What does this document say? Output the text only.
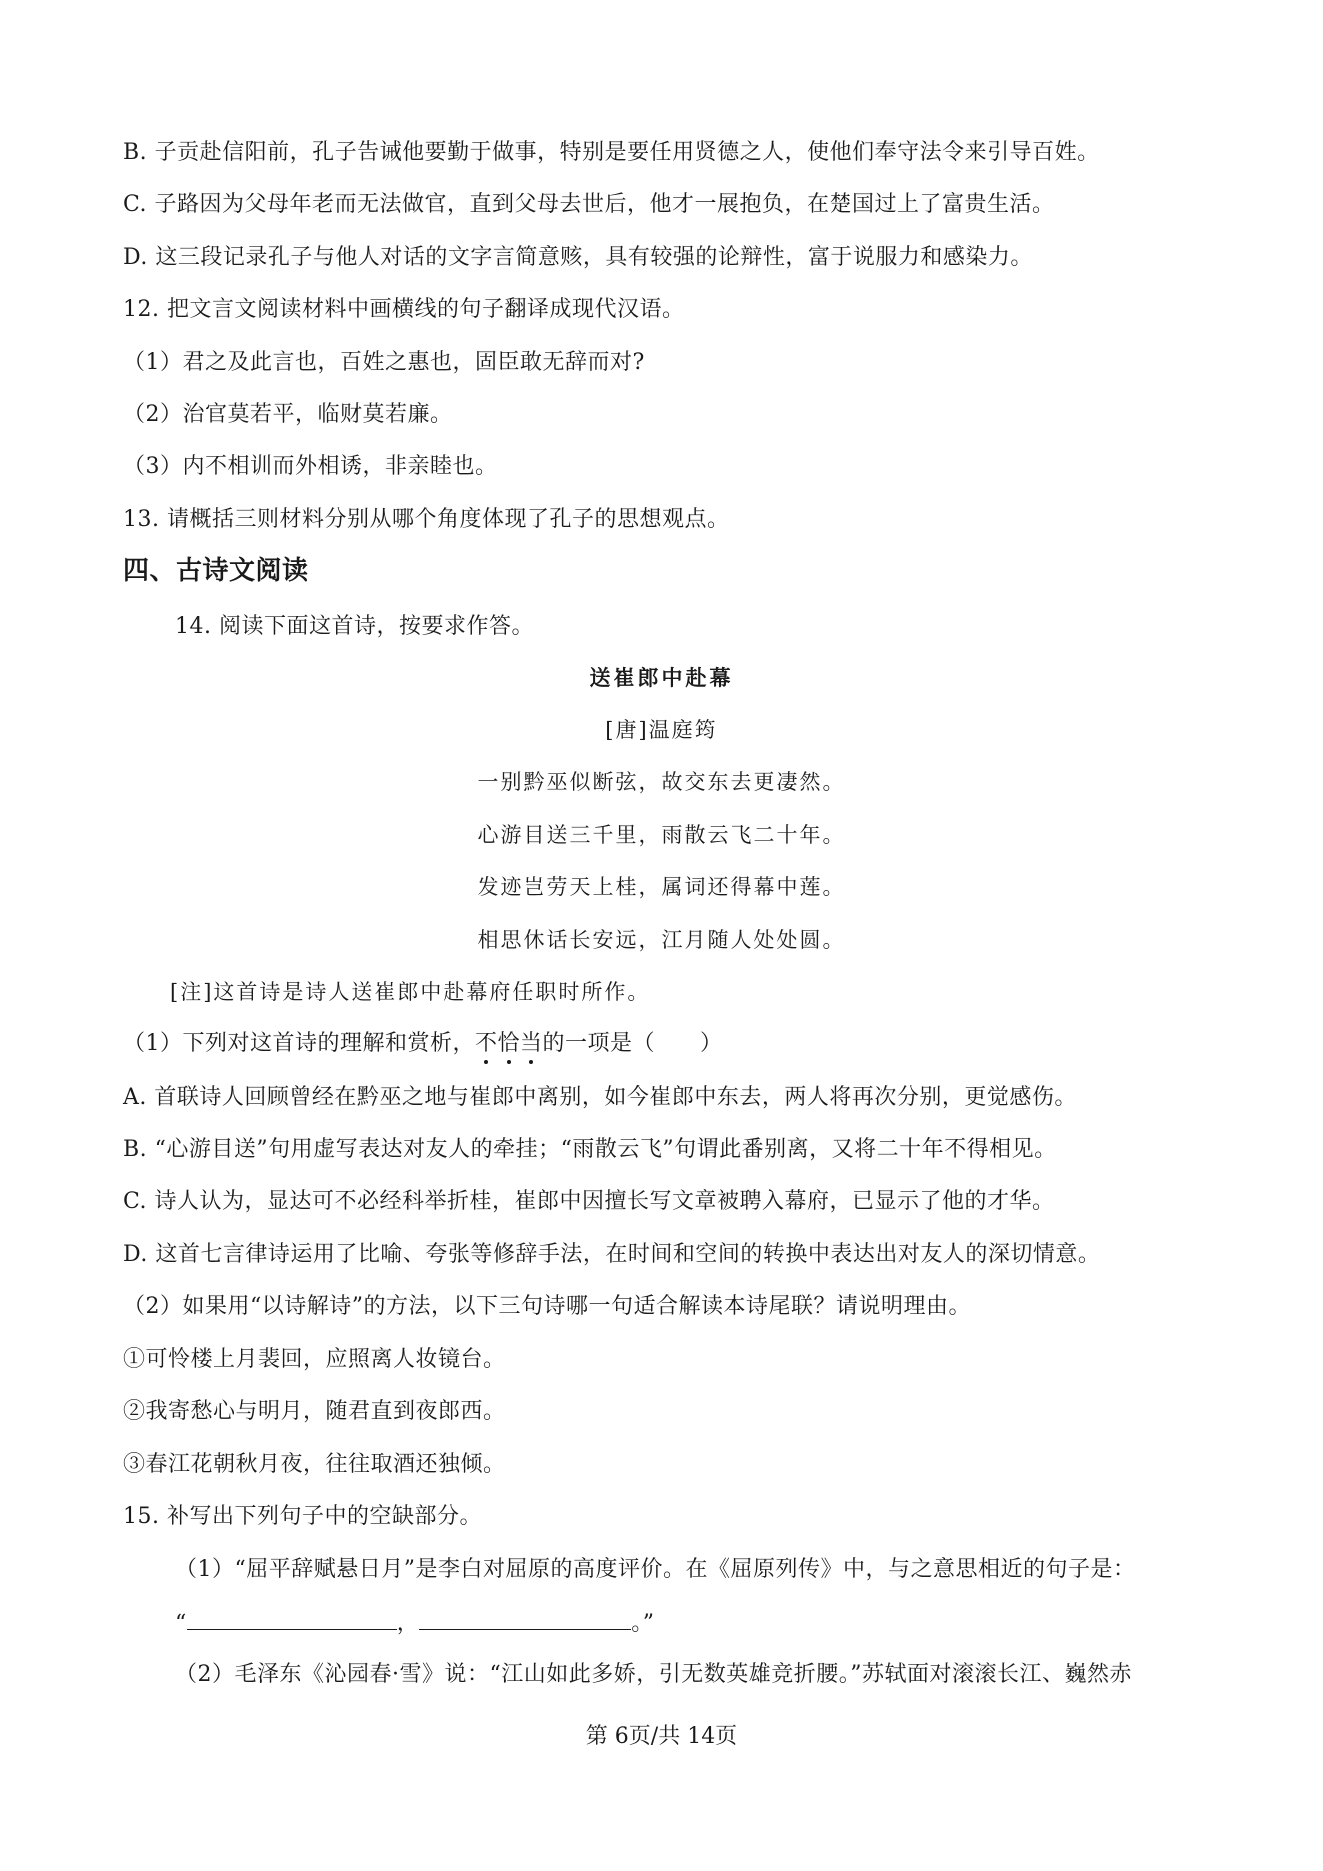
B. 子贡赴信阳前，孔子告诫他要勤于做事，特别是要任用贤德之人，使他们奉守法令来引导百姓。
C. 子路因为父母年老而无法做官，直到父母去世后，他才一展抱负，在楚国过上了富贵生活。
D. 这三段记录孔子与他人对话的文字言简意赅，具有较强的论辩性，富于说服力和感染力。
12. 把文言文阅读材料中画横线的句子翻译成现代汉语。
（1）君之及此言也，百姓之惠也，固臣敢无辞而对?
（2）治官莫若平，临财莫若廉。
（3）内不相训而外相诱，非亲睦也。
13. 请概括三则材料分别从哪个角度体现了孔子的思想观点。
四、古诗文阅读
14. 阅读下面这首诗，按要求作答。
送崔郎中赴幕
[唐]温庭筠
一别黔巫似断弦，故交东去更凄然。
心游目送三千里，雨散云飞二十年。
发迹岂劳天上桂，属词还得幕中莲。
相思休话长安远，江月随人处处圆。
[注]这首诗是诗人送崔郎中赴幕府任职时所作。
（1）下列对这首诗的理解和赏析，不
恰
当
的一项是（　　）
A. 首联诗人回顾曾经在黔巫之地与崔郎中离别，如今崔郎中东去，两人将再次分别，更觉感伤。
B. “心游目送”句用虚写表达对友人的牵挂；“雨散云飞”句谓此番别离，又将二十年不得相见。
C. 诗人认为，显达可不必经科举折桂，崔郎中因擅长写文章被聘入幕府，已显示了他的才华。
D. 这首七言律诗运用了比喻、夸张等修辞手法，在时间和空间的转换中表达出对友人的深切情意。
（2）如果用“以诗解诗”的方法，以下三句诗哪一句适合解读本诗尾联？请说明理由。
①可怜楼上月裴回，应照离人妆镜台。
②我寄愁心与明月，随君直到夜郎西。
③春江花朝秋月夜，往往取酒还独倾。
15. 补写出下列句子中的空缺部分。
（1）“屈平辞赋悬日月”是李白对屈原的高度评价。在《屈原列传》中，与之意思相近的句子是：
“	，	。”
（2）毛泽东《沁园春·雪》说：“江山如此多娇，引无数英雄竞折腰。”苏轼面对滚滚长江、巍然赤
第 6页/共 14页
